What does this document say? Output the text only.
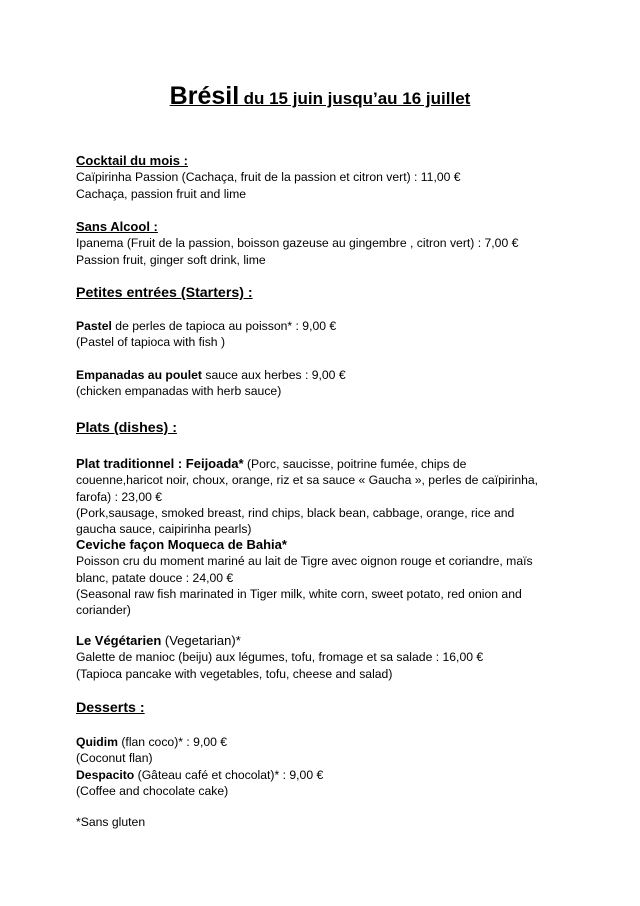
Brésil du 15 juin jusqu’au 16 juillet
Cocktail du mois :
Caïpirinha Passion (Cachaça, fruit de la passion et citron vert) : 11,00 €
Cachaça, passion fruit and lime
Sans Alcool :
Ipanema (Fruit de la passion, boisson gazeuse au gingembre , citron vert) : 7,00 €
Passion fruit, ginger soft drink, lime
Petites entrées (Starters) :
Pastel de perles de tapioca au poisson* : 9,00 €
(Pastel of tapioca with fish )
Empanadas au poulet sauce aux herbes : 9,00 €
(chicken empanadas with herb sauce)
Plats (dishes) :
Plat traditionnel : Feijoada* (Porc, saucisse, poitrine fumée, chips de couenne,haricot noir, choux, orange, riz et sa sauce « Gaucha », perles de caïpirinha, farofa) : 23,00 €
(Pork,sausage, smoked breast, rind chips, black bean, cabbage, orange, rice and gaucha sauce, caipirinha pearls)
Ceviche façon Moqueca de Bahia*
Poisson cru du moment mariné au lait de Tigre avec oignon rouge et coriandre, maïs blanc, patate douce : 24,00 €
(Seasonal raw fish marinated in Tiger milk, white corn, sweet potato, red onion and coriander)
Le Végétarien (Vegetarian)*
Galette de manioc (beiju) aux légumes, tofu, fromage et sa salade : 16,00 €
(Tapioca pancake with vegetables, tofu, cheese and salad)
Desserts :
Quidim (flan coco)* : 9,00 €
(Coconut flan)
Despacito (Gâteau café et chocolat)* : 9,00 €
(Coffee and chocolate cake)
*Sans gluten
